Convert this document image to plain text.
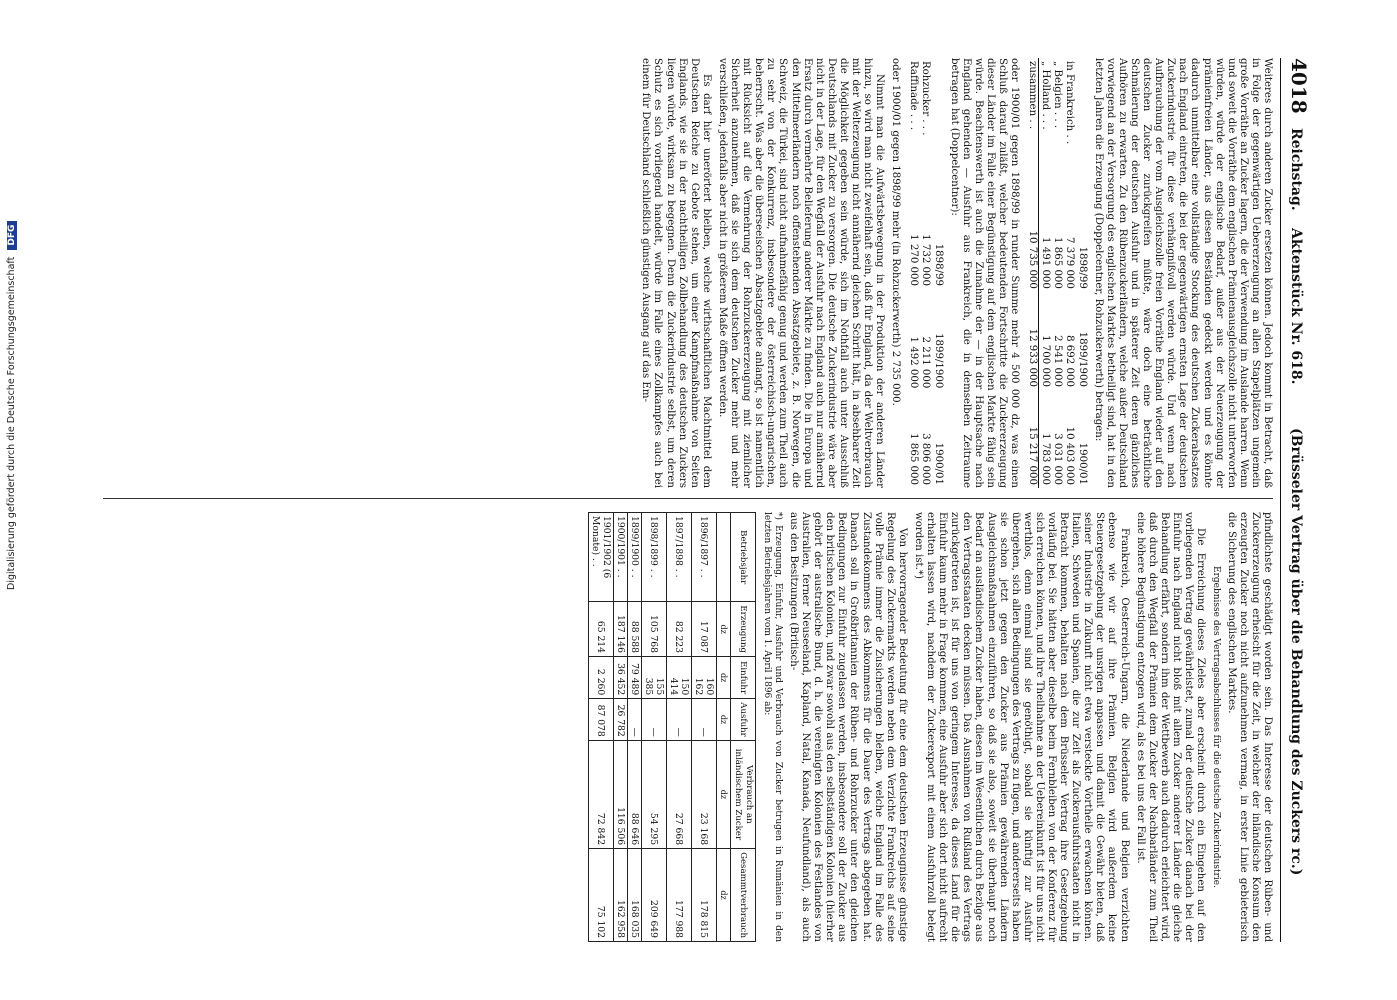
4018
Reichstag.
Aktenstück Nr. 618.
(Brüsseler Vertrag über die Behandlung des Zuckers rc.)

Weiteres durch anderen Zucker ersetzen können. Jedoch kommt in Betracht, daß in Folge der gegenwärtigen Uebererzeugung an allen Stapelplätzen ungemein große Vorräthe an Zucker lagern, die der Verwendung im Auslande harren. Wenn und soweit die Vorräthe dem englischen Prämienausgleichszolle nicht unterworfen würden, würde der englische Bedarf, außer aus der Neuerzeugung der prämienfreien Länder, aus diesen Beständen gedeckt werden und es könnte dadurch unmittelbar eine vollständige Stockung des deutschen Zuckerabsatzes nach England eintreten, die bei der gegenwärtigen ernsten Lage der deutschen Zuckerindustrie für diese verhängnißvoll werden würde. Und wenn nach Aufbrauchung der vom Ausgleichszolle freien Vorräthe England wieder auf den deutschen Zucker zurückgreifen müßte, wäre doch eine beträchtliche Schmälerung der deutschen Ausfuhr und in späterer Zeit deren gänzliches Aufhören zu erwarten. Zu den Rübenzuckerländern, welche außer Deutschland vorwiegend an der Versorgung des englischen Marktes betheiligt sind, hat in den letzten Jahren die Erzeugung (Doppelcentner, Rohzuckerwerth) betragen:

	1898/99	1899/1900	1900/01
in Frankreich . .	7 379 000	8 692 000	10 403 000
„ Belgien . . .	1 865 000	2 541 000	3 031 000
„ Holland . . .	1 491 000	1 700 000	1 783 000
zusammen . .	10 735 000	12 933 000	15 217 000

oder 1900/01 gegen 1898/99 in runder Summe mehr 4 500 000 dz, was einen Schluß darauf zuläßt, welcher bedeutenden Fortschritte die Zuckererzeugung dieser Länder im Falle einer Begünstigung auf dem englischen Markte fähig sein würde. Beachtenswerth ist auch die Zunahme der — in der Hauptsache nach England gehenden — Ausfuhr aus Frankreich, die in demselben Zeitraume betragen hat (Doppelcentner):

	1898/99	1899/1900	1900/01
Rohzucker . . .	1 732 000	2 211 000	3 806 000
Raffinade . . .	1 270 000	1 492 000	1 865 000

oder 1900/01 gegen 1898/99 mehr (in Rohzuckerwerth) 2 735 000.

Nimmt man die Aufwärtsbewegung in der Produktion der anderen Länder hinzu, so wird man nicht zweifelhaft sein, daß für England, da der Weltverbrauch mit der Welterzeugung nicht annähernd gleichen Schritt hält, in absehbarer Zeit die Möglichkeit gegeben sein würde, sich im Nothfall auch unter Ausschluß Deutschlands mit Zucker zu versorgen. Die deutsche Zuckerindustrie wäre aber nicht in der Lage, für den Wegfall der Ausfuhr nach England auch nur annähernd Ersatz durch vermehrte Belieferung anderer Märkte zu finden. Die in Europa und den Mittelmeerländern noch offenstehenden Absatzgebiete, z. B. Norwegen, die Schweiz, die Türkei, sind nicht aufnahmefähig genug und werden zum Theil auch zu sehr von der Konkurrenz, insbesondere der österreichisch-ungarischen, beherrscht. Was aber die überseeischen Absatzgebiete anlangt, so ist namentlich mit Rücksicht auf die Vermehrung der Rohrzuckererzeugung mit ziemlicher Sicherheit anzunehmen, daß sie sich dem deutschen Zucker mehr und mehr verschließen, jedenfalls aber nicht in größerem Maße öffnen werden.

Es darf hier unerörtert bleiben, welche wirthschaftlichen Machtmittel dem Deutschen Reiche zu Gebote stehen, um einer Kampfmaßnahme von Seiten Englands, wie sie in der nachtheiligen Zollbehandlung des deutschen Zuckers liegen würde, wirksam zu begegnen. Denn die Zuckerindustrie selbst, um deren Schutz es sich vorliegend handelt, würde im Falle eines Zollkampfes auch bei einem für Deutschland schließlich günstigen Ausgang auf das Em-

pfindlichste geschädigt worden sein. Das Interesse der deutschen Rüben- und Zuckererzeugung erheischt für die Zeit, in welcher der inländische Konsum den erzeugten Zucker noch nicht aufzunehmen vermag, in erster Linie gebieterisch die Sicherung des englischen Marktes.

Ergebnisse des Vertragsabschlusses für die deutsche Zuckerindustrie.

Die Erreichung dieses Zieles aber erscheint durch ein Eingehen auf den vorliegenden Vertrag gewährleistet, zumal der deutsche Zucker danach bei der Einfuhr nach England nicht bloß mit allem Zucker anderer Länder die gleiche Behandlung erfährt, sondern ihm der Wettbewerb auch dadurch erleichtert wird, daß durch den Wegfall der Prämien dem Zucker der Nachbarländer zum Theil eine höhere Begünstigung entzogen wird, als es bei uns der Fall ist.

Frankreich, Oesterreich-Ungarn, die Niederlande und Belgien verzichten ebenso wie wir auf ihre Prämien. Belgien wird außerdem keine Steuergesetzgebung der unsrigen anpassen und damit die Gewähr bieten, daß seiner Industrie in Zukunft nicht etwa versteckte Vortheile erwachsen können. Italien, Schweden und Spanien, die zur Zeit als Zuckerausfuhrstaaten nicht in Betracht kommen, behalten nach dem Brüsseler Vertrag ihre Gesetzgebung vorläufig bei. Sie hätten aber dieselbe beim Fernbleiben von der Konferenz für sich erreichen können, und ihre Theilnahme an der Uebereinkunft ist für uns nicht werthlos, denn einmal sind sie genöthigt, sobald sie künftig zur Ausfuhr übergehen, sich allen Bedingungen des Vertrags zu fügen, und andererseits haben sie schon jetzt gegen den Zucker aus Prämien gewährenden Ländern Ausgleichsmaßnahmen einzuführen, so daß sie also, soweit sie überhaupt noch Bedarf an ausländischem Zucker haben, diesen im Wesentlichen durch Bezüge aus den Vertragsstaaten decken müssen. Das Ausnahmen von Rußland des Vertrags zurückgetreten ist, ist für uns von geringem Interesse, da dieses Land für die Einfuhr kaum mehr in Frage kommen, eine Ausfuhr aber sich dort nicht aufrecht erhalten lassen wird, nachdem der Zuckerexport mit einem Ausfuhrzoll belegt worden ist.*)

Von hervorragender Bedeutung für eine dem deutschen Erzeugnisse günstige Regelung des Zuckermarkts werden neben dem Verzichte Frankreichs auf seine volle Prämie immer die Zusicherungen bleiben, welche England im Falle des Zustandekommens des Abkommens für die Dauer des Vertrags abgegeben hat. Danach soll in Großbritannien der Rüben- und Rohrzucker unter den gleichen Bedingungen zur Einfuhr zugelassen werden, insbesondere soll der Zucker aus den britischen Kolonien, und zwar sowohl aus den selbständigen Kolonien (hierher gehört der australische Bund, d. h. die vereinigten Kolonien des Festlandes von Australien, ferner Neuseeland, Kapland, Natal, Kanada, Neufundland), als auch aus den Besitzungen (Britisch-

*) Erzeugung, Einfuhr, Ausfuhr und Verbrauch von Zucker betrugen in Rumänien in den letzten Betriebsjahren vom 1. April 1896 ab:

Betriebsjahr	Erzeugung	Einfuhr	Ausfuhr	Verbrauch an inländischem Zucker	Gesammtverbrauch
	dz	dz	dz	dz	dz
1896/1897 . .	17 087	160 162	—	23 168	178 815
1897/1898 . .	82 223	150 414	—	27 668	177 988
1898/1899 . .	105 768	155 385	—	54 295	209 649
1899/1900 . .	88 588	79 489	—	88 646	168 035
1900/1901 . .	187 146	36 452	26 782	116 506	162 958
1901/1902 (6 Monate) . .	65 214	2 260	87 078	72 842	75 102
Digitalisierung gefördert durch die Deutsche Forschungsgemeinschaft DFG
